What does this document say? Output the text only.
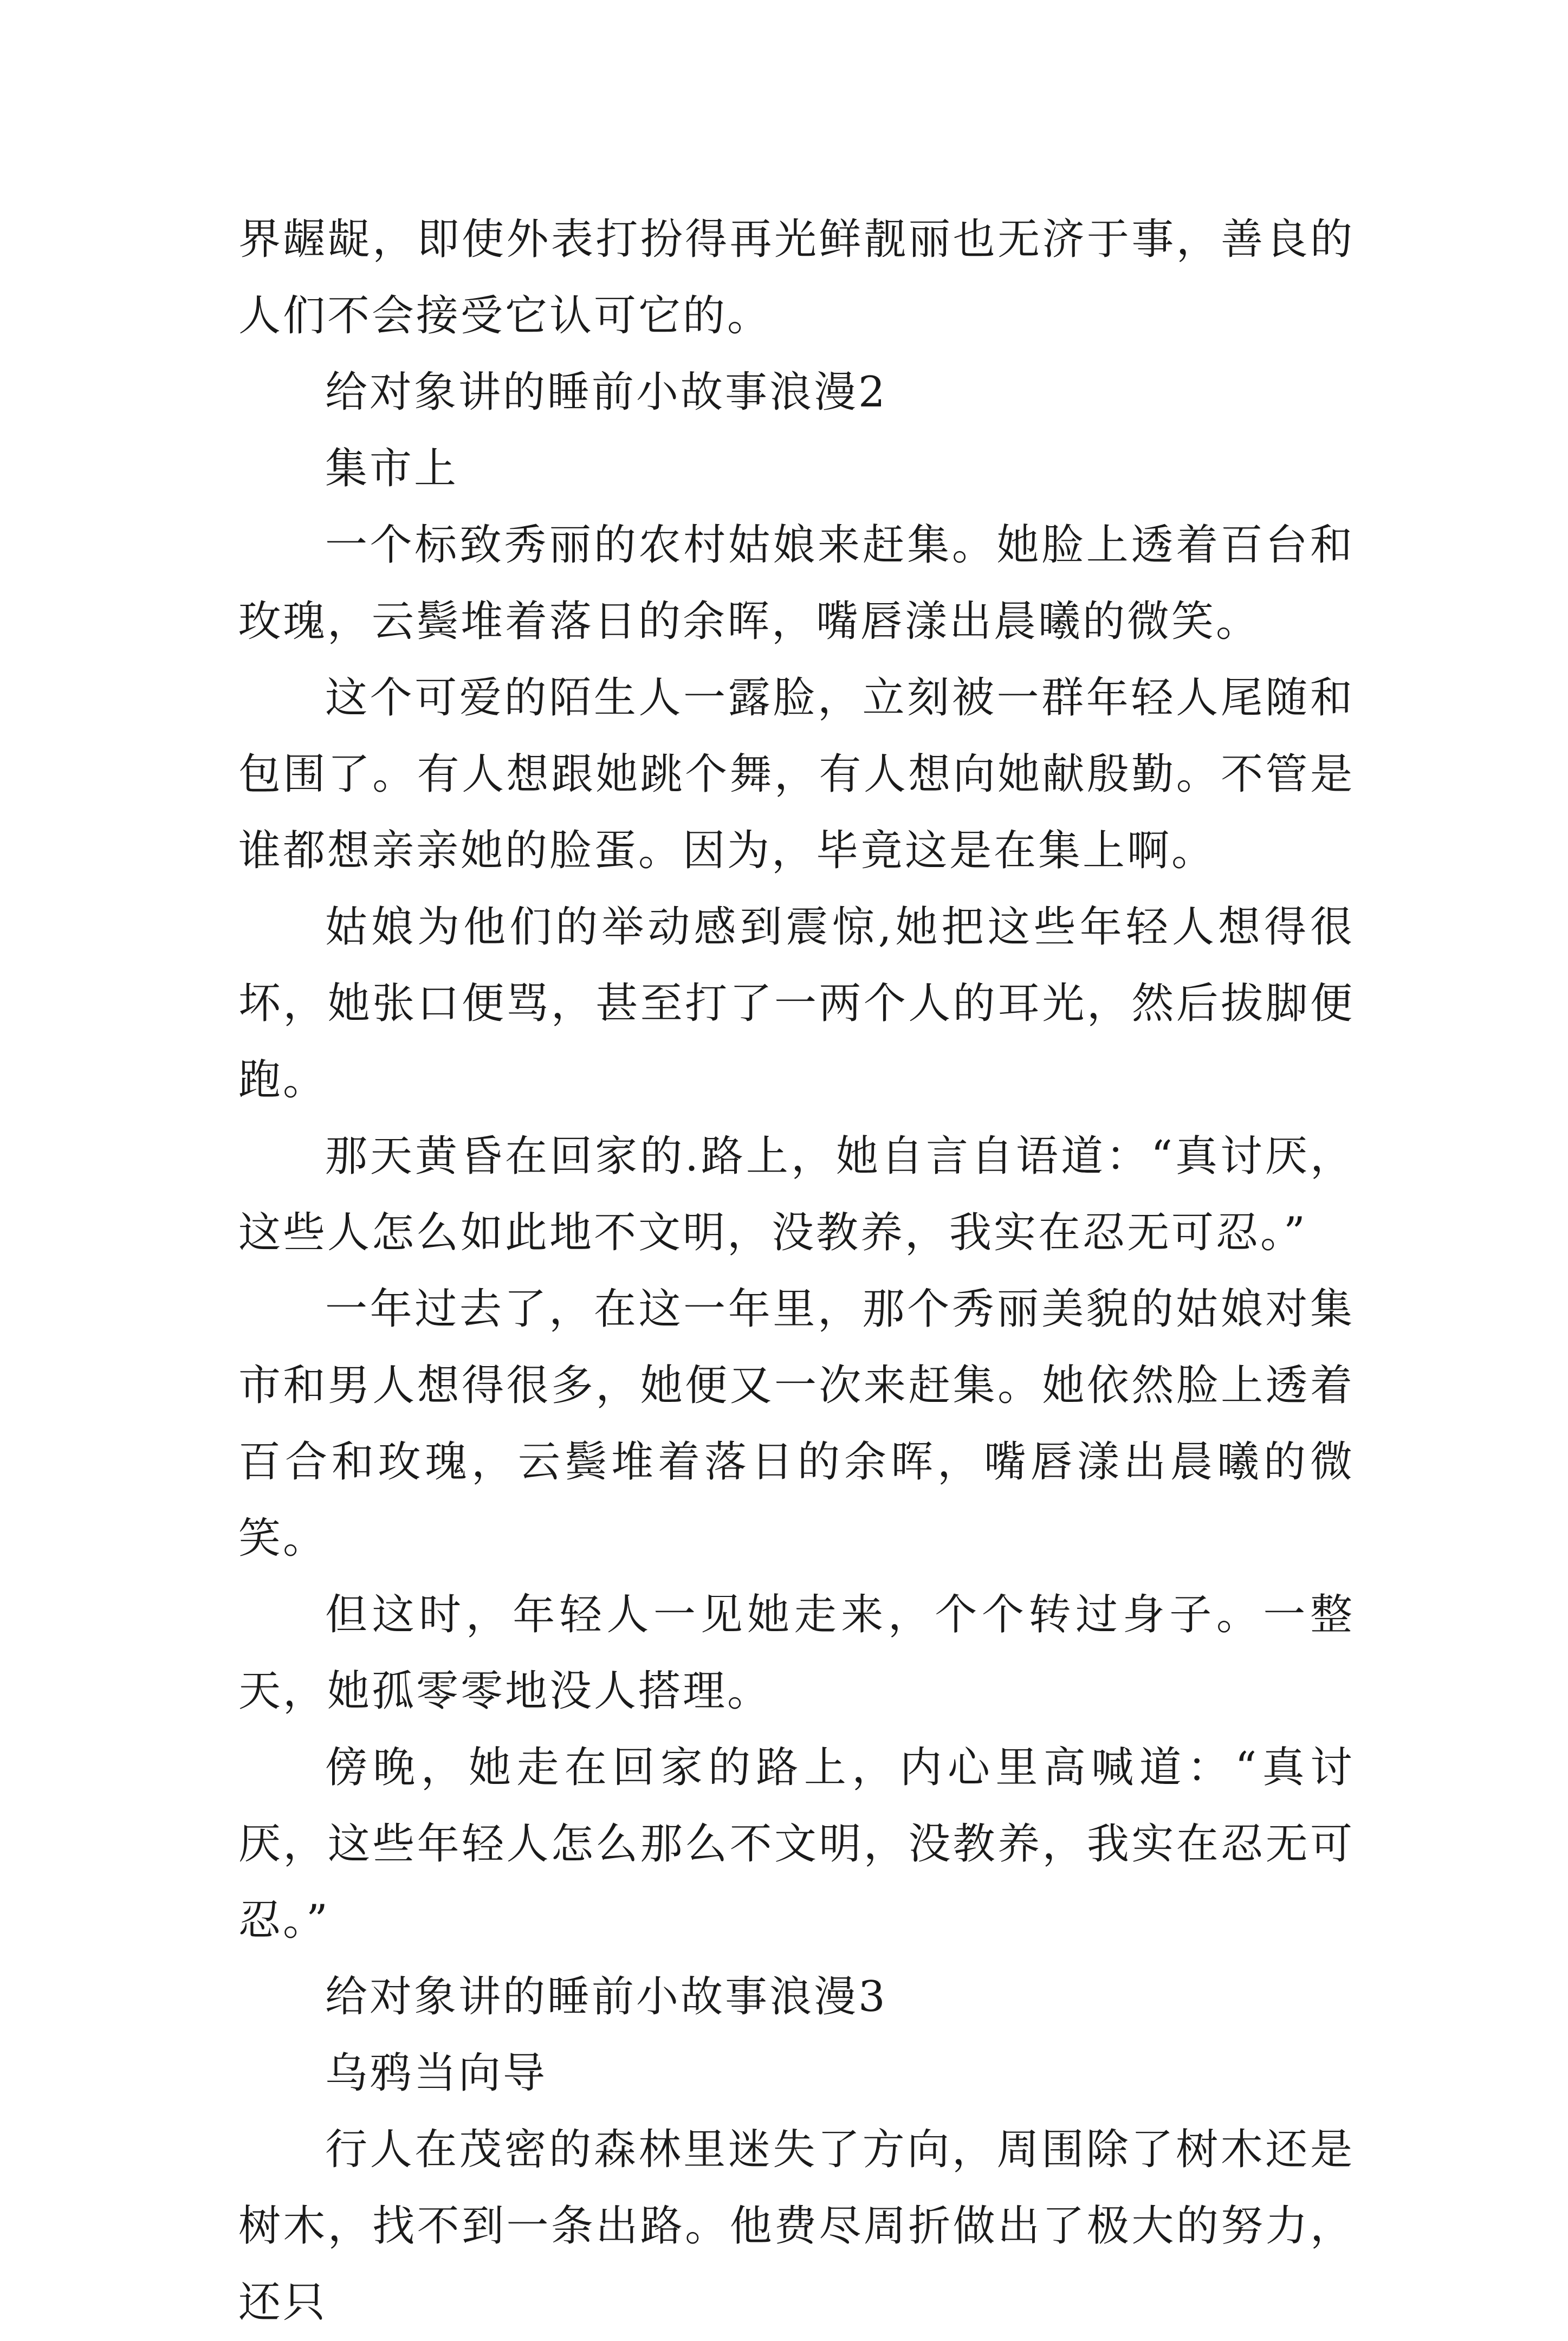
界龌龊，即使外表打扮得再光鲜靓丽也无济于事，善良的人们不会接受它认可它的。

给对象讲的睡前小故事浪漫2

集市上

一个标致秀丽的农村姑娘来赶集。她脸上透着百台和玫瑰，云鬓堆着落日的余晖，嘴唇漾出晨曦的微笑。

这个可爱的陌生人一露脸，立刻被一群年轻人尾随和包围了。有人想跟她跳个舞，有人想向她献殷勤。不管是谁都想亲亲她的脸蛋。因为，毕竟这是在集上啊。

姑娘为他们的举动感到震惊,她把这些年轻人想得很坏，她张口便骂，甚至打了一两个人的耳光，然后拔脚便跑。

那天黄昏在回家的.路上，她自言自语道：“真讨厌，这些人怎么如此地不文明，没教养，我实在忍无可忍。”

一年过去了，在这一年里，那个秀丽美貌的姑娘对集市和男人想得很多，她便又一次来赶集。她依然脸上透着百合和玫瑰，云鬓堆着落日的余晖，嘴唇漾出晨曦的微笑。

但这时，年轻人一见她走来，个个转过身子。一整天，她孤零零地没人搭理。

傍晚，她走在回家的路上，内心里高喊道：“真讨厌，这些年轻人怎么那么不文明，没教养，我实在忍无可忍。”

给对象讲的睡前小故事浪漫3

乌鸦当向导

行人在茂密的森林里迷失了方向，周围除了树木还是树木，找不到一条出路。他费尽周折做出了极大的努力，还只
